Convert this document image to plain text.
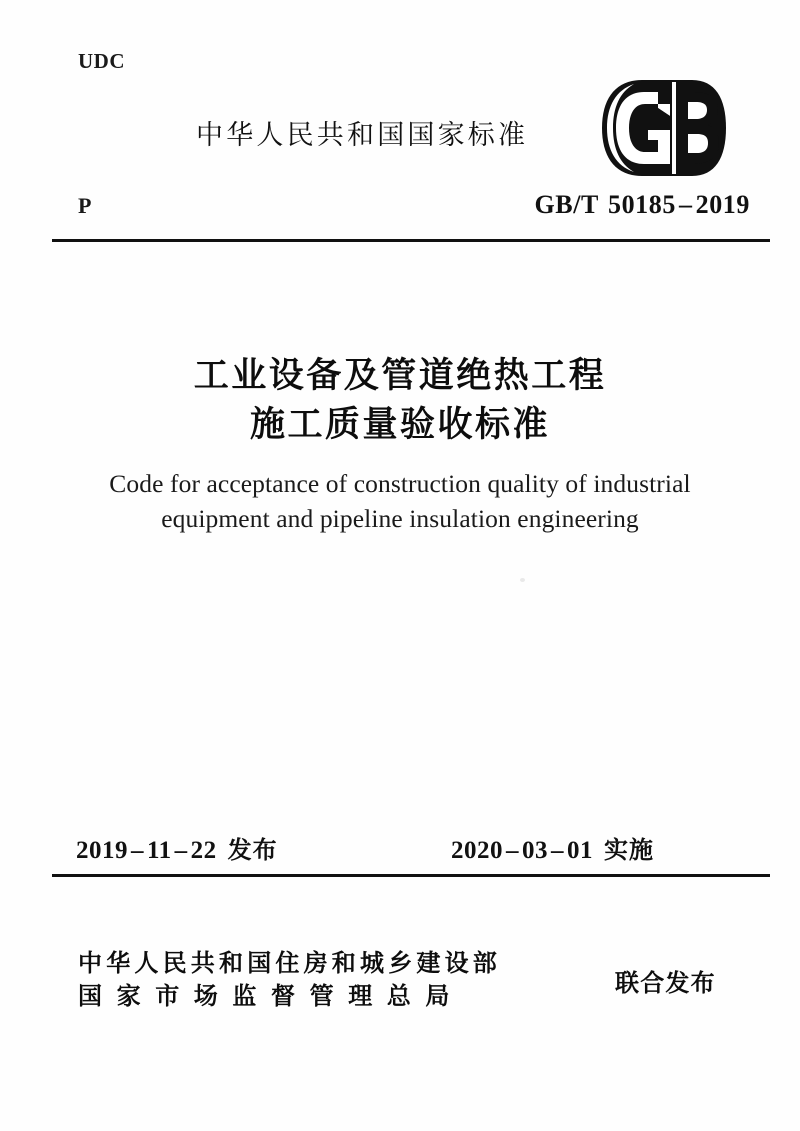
UDC
中华人民共和国国家标准
P	GB/T 50185 – 2019
工业设备及管道绝热工程
施工质量验收标准
Code for acceptance of construction quality of industrial
equipment and pipeline insulation engineering
2019 – 11 – 22 发布	2020 – 03 – 01 实施
中华人民共和国住房和城乡建设部
国家市场监督管理总局	联合发布
